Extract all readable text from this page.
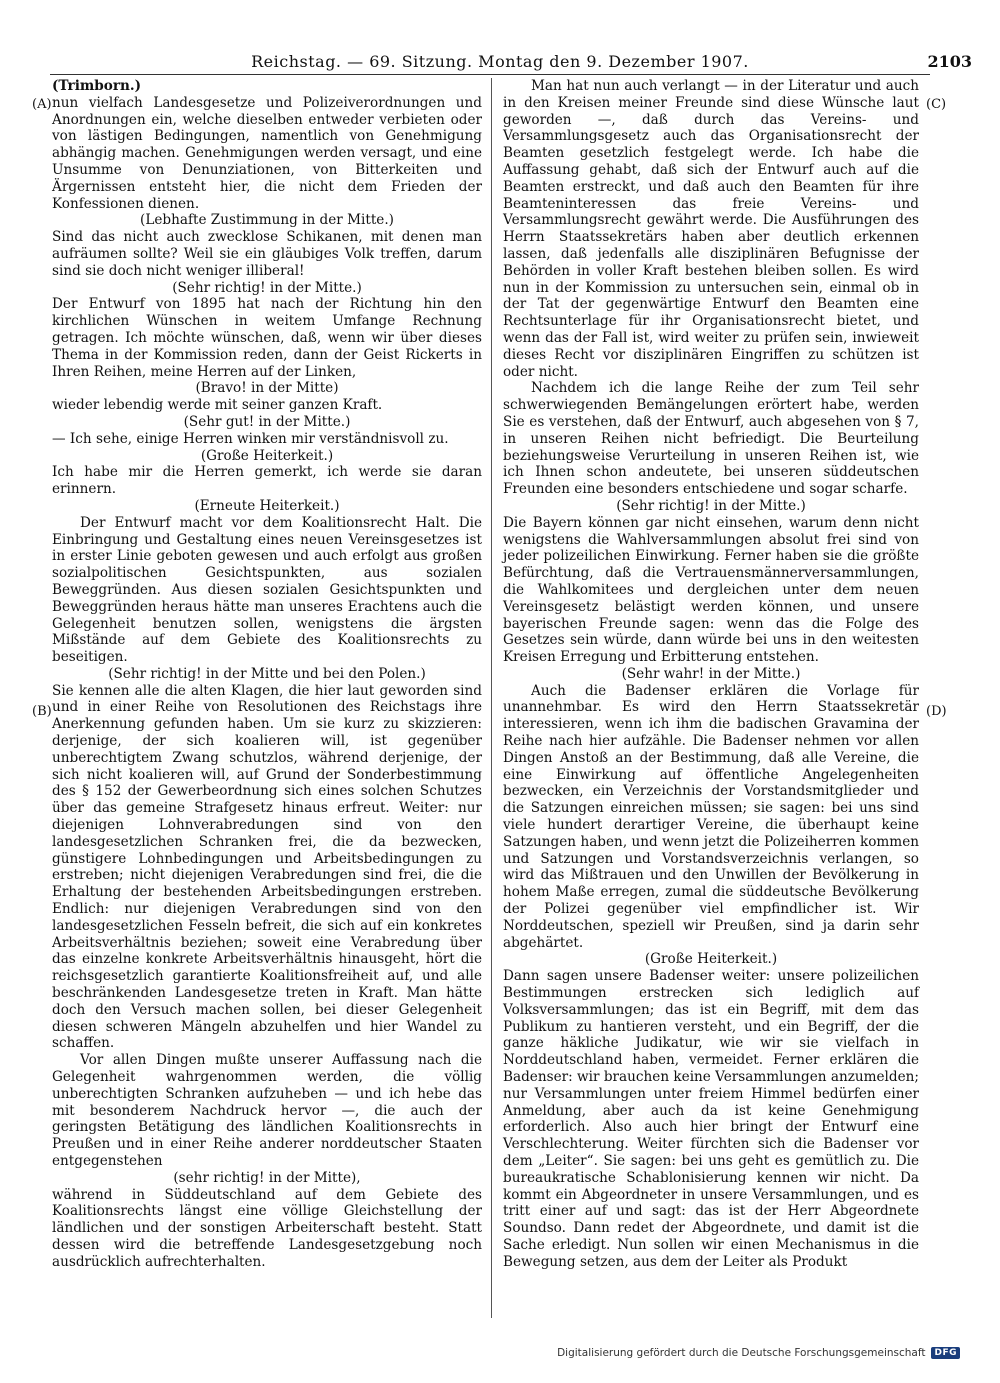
Reichstag. — 69. Sitzung. Montag den 9. Dezember 1907.	2103
(A)
(B)
(C)
(D)

(Trimborn.)

nun vielfach Landesgesetze und Polizeiverordnungen und Anordnungen ein, welche dieselben entweder verbieten oder von lästigen Bedingungen, namentlich von Genehmigung abhängig machen. Genehmigungen werden versagt, und eine Unsumme von Denunziationen, von Bitterkeiten und Ärgernissen entsteht hier, die nicht dem Frieden der Konfessionen dienen.

(Lebhafte Zustimmung in der Mitte.)

Sind das nicht auch zwecklose Schikanen, mit denen man aufräumen sollte? Weil sie ein gläubiges Volk treffen, darum sind sie doch nicht weniger illiberal!

(Sehr richtig! in der Mitte.)

Der Entwurf von 1895 hat nach der Richtung hin den kirchlichen Wünschen in weitem Umfange Rechnung getragen. Ich möchte wünschen, daß, wenn wir über dieses Thema in der Kommission reden, dann der Geist Rickerts in Ihren Reihen, meine Herren auf der Linken,

(Bravo! in der Mitte)

wieder lebendig werde mit seiner ganzen Kraft.

(Sehr gut! in der Mitte.)

— Ich sehe, einige Herren winken mir verständnisvoll zu.

(Große Heiterkeit.)

Ich habe mir die Herren gemerkt, ich werde sie daran erinnern.

(Erneute Heiterkeit.)

Der Entwurf macht vor dem Koalitionsrecht Halt. Die Einbringung und Gestaltung eines neuen Vereinsgesetzes ist in erster Linie geboten gewesen und auch erfolgt aus großen sozialpolitischen Gesichtspunkten, aus sozialen Beweggründen. Aus diesen sozialen Gesichtspunkten und Beweggründen heraus hätte man unseres Erachtens auch die Gelegenheit benutzen sollen, wenigstens die ärgsten Mißstände auf dem Gebiete des Koalitionsrechts zu beseitigen.

(Sehr richtig! in der Mitte und bei den Polen.)

Sie kennen alle die alten Klagen, die hier laut geworden sind und in einer Reihe von Resolutionen des Reichstags ihre Anerkennung gefunden haben. Um sie kurz zu skizzieren: derjenige, der sich koalieren will, ist gegenüber unberechtigtem Zwang schutzlos, während derjenige, der sich nicht koalieren will, auf Grund der Sonderbestimmung des § 152 der Gewerbeordnung sich eines solchen Schutzes über das gemeine Strafgesetz hinaus erfreut. Weiter: nur diejenigen Lohnverabredungen sind von den landesgesetzlichen Schranken frei, die da bezwecken, günstigere Lohnbedingungen und Arbeitsbedingungen zu erstreben; nicht diejenigen Verabredungen sind frei, die die Erhaltung der bestehenden Arbeitsbedingungen erstreben. Endlich: nur diejenigen Verabredungen sind von den landesgesetzlichen Fesseln befreit, die sich auf ein konkretes Arbeitsverhältnis beziehen; soweit eine Verabredung über das einzelne konkrete Arbeitsverhältnis hinausgeht, hört die reichsgesetzlich garantierte Koalitionsfreiheit auf, und alle beschränkenden Landesgesetze treten in Kraft. Man hätte doch den Versuch machen sollen, bei dieser Gelegenheit diesen schweren Mängeln abzuhelfen und hier Wandel zu schaffen.

Vor allen Dingen mußte unserer Auffassung nach die Gelegenheit wahrgenommen werden, die völlig unberechtigten Schranken aufzuheben — und ich hebe das mit besonderem Nachdruck hervor —, die auch der geringsten Betätigung des ländlichen Koalitionsrechts in Preußen und in einer Reihe anderer norddeutscher Staaten entgegenstehen

(sehr richtig! in der Mitte),

während in Süddeutschland auf dem Gebiete des Koalitionsrechts längst eine völlige Gleichstellung der ländlichen und der sonstigen Arbeiterschaft besteht. Statt dessen wird die betreffende Landesgesetzgebung noch ausdrücklich aufrechterhalten.

Man hat nun auch verlangt — in der Literatur und auch in den Kreisen meiner Freunde sind diese Wünsche laut geworden —, daß durch das Vereins- und Versammlungsgesetz auch das Organisationsrecht der Beamten gesetzlich festgelegt werde. Ich habe die Auffassung gehabt, daß sich der Entwurf auch auf die Beamten erstreckt, und daß auch den Beamten für ihre Beamteninteressen das freie Vereins- und Versammlungsrecht gewährt werde. Die Ausführungen des Herrn Staatssekretärs haben aber deutlich erkennen lassen, daß jedenfalls alle disziplinären Befugnisse der Behörden in voller Kraft bestehen bleiben sollen. Es wird nun in der Kommission zu untersuchen sein, einmal ob in der Tat der gegenwärtige Entwurf den Beamten eine Rechtsunterlage für ihr Organisationsrecht bietet, und wenn das der Fall ist, wird weiter zu prüfen sein, inwieweit dieses Recht vor disziplinären Eingriffen zu schützen ist oder nicht.

Nachdem ich die lange Reihe der zum Teil sehr schwerwiegenden Bemängelungen erörtert habe, werden Sie es verstehen, daß der Entwurf, auch abgesehen von § 7, in unseren Reihen nicht befriedigt. Die Beurteilung beziehungsweise Verurteilung in unseren Reihen ist, wie ich Ihnen schon andeutete, bei unseren süddeutschen Freunden eine besonders entschiedene und sogar scharfe.

(Sehr richtig! in der Mitte.)

Die Bayern können gar nicht einsehen, warum denn nicht wenigstens die Wahlversammlungen absolut frei sind von jeder polizeilichen Einwirkung. Ferner haben sie die größte Befürchtung, daß die Vertrauensmännerversammlungen, die Wahlkomitees und dergleichen unter dem neuen Vereinsgesetz belästigt werden können, und unsere bayerischen Freunde sagen: wenn das die Folge des Gesetzes sein würde, dann würde bei uns in den weitesten Kreisen Erregung und Erbitterung entstehen.

(Sehr wahr! in der Mitte.)

Auch die Badenser erklären die Vorlage für unannehmbar. Es wird den Herrn Staatssekretär interessieren, wenn ich ihm die badischen Gravamina der Reihe nach hier aufzähle. Die Badenser nehmen vor allen Dingen Anstoß an der Bestimmung, daß alle Vereine, die eine Einwirkung auf öffentliche Angelegenheiten bezwecken, ein Verzeichnis der Vorstandsmitglieder und die Satzungen einreichen müssen; sie sagen: bei uns sind viele hundert derartiger Vereine, die überhaupt keine Satzungen haben, und wenn jetzt die Polizeiherren kommen und Satzungen und Vorstandsverzeichnis verlangen, so wird das Mißtrauen und den Unwillen der Bevölkerung in hohem Maße erregen, zumal die süddeutsche Bevölkerung der Polizei gegenüber viel empfindlicher ist. Wir Norddeutschen, speziell wir Preußen, sind ja darin sehr abgehärtet.

(Große Heiterkeit.)

Dann sagen unsere Badenser weiter: unsere polizeilichen Bestimmungen erstrecken sich lediglich auf Volksversammlungen; das ist ein Begriff, mit dem das Publikum zu hantieren versteht, und ein Begriff, der die ganze häkliche Judikatur, wie wir sie vielfach in Norddeutschland haben, vermeidet. Ferner erklären die Badenser: wir brauchen keine Versammlungen anzumelden; nur Versammlungen unter freiem Himmel bedürfen einer Anmeldung, aber auch da ist keine Genehmigung erforderlich. Also auch hier bringt der Entwurf eine Verschlechterung. Weiter fürchten sich die Badenser vor dem „Leiter“. Sie sagen: bei uns geht es gemütlich zu. Die bureaukratische Schablonisierung kennen wir nicht. Da kommt ein Abgeordneter in unsere Versammlungen, und es tritt einer auf und sagt: das ist der Herr Abgeordnete Soundso. Dann redet der Abgeordnete, und damit ist die Sache erledigt. Nun sollen wir einen Mechanismus in die Bewegung setzen, aus dem der Leiter als Produkt

Digitalisierung gefördert durch die Deutsche Forschungsgemeinschaft	DFG
